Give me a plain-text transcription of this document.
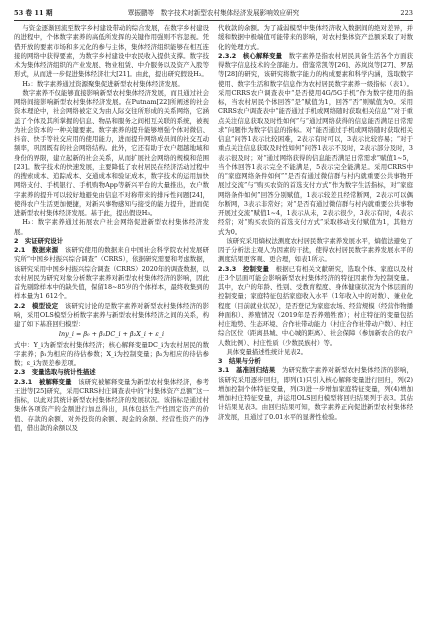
53 卷 11 期	覃振鹏等　数字技术对新型农村集体经济发展影响效应研究	223

与资金逐渐回流至数字乡村建设带动的综合发展，在数字乡村建设的进程中，个体数字素养的高低所发挥的关键作用强则不容忽视。凭借开放的要素市场和多元化的参与主体，集体经济组织能够在相互连接的网络中获得要素，为数字乡村建设中农民收入提供支撑。数字技术为集体经济组织的产业发展、物业租赁、中介服务以及资产入股等形式，从而进一步促进集体经济壮大[21]。由此，提出研究假设H₂。

H₂：数字素养通过资源聚集促进新型农村集体经济发展。

数字素养不仅能够直接影响新型农村集体经济发展，而且通过社会网络间接影响新型农村集体经济发展。在Putnam[22]所阐述的社会资本理论中，社会网络被定义为由人际交往所形成的关系网络，它涵盖了个体及其所掌握的信息、物品和服务之间相互关联的系统，被视为社会资本的一种关键要素。数字素养的提升能够增强个体对微信、抖音、快手等社交应用的使用能力，进而提升网络成员间的社交互动频率，巩固既有的社会网络结构。此外，它还有助于农户超越地域和身份的界限，建立起新的社会关系，从而扩展社会网络的规模和范围[23]。数字技术的快速发展，主要降低了农村居民在经济活动过程中的搜索成本、追踪成本、交通成本和验证成本，数字技术的运用加快网络支付、手机银行、手机购物App等新兴平台的大量推出，农户数字素养的提升可以较好地避免由信息不对称带来的排斥性问题[24]，使得农户生活更加便捷，对新兴事物感知与接受的能力提升，进而促进新型农村集体经济发展。基于此，提出假设H₃。

H₃：数字素养通过拓展农户社会网络促进新型农村集体经济发展。

2　实证研究设计

2.1　数据来源　 该研究使用的数据来自中国社会科学院农村发展研究所“中国乡村振兴综合调查”（CRRS），依据研究需要和考虑数据，该研究采用中国乡村振兴综合调查（CRRS）2020年的调查数据，以农村居民为研究对象分析数字素养对新型农村集体经济的影响，因此首先剔除样本中的缺失值，保留18~85岁的个体样本，最终收集到的样本量为1 612个。

2.2　模型设定　 该研究讨论的是数字素养对新型农村集体经济的影响，采用OLS模型分析数字素养与新型农村集体经济之间的关系，构建了如下基准回归模型：

lny_i = β₀ + β₁DC_i + β₂X_i + ε_i

式中：Y_i为新型农村集体经济；核心解释变量DC_i为农村居民的数字素养；β₁为相应的待估参数；X_i为控制变量；β₂为相应的待估参数；ε_i为误差参差项。

2.3　变量选取与统计性描述

2.3.1　被解释变量　 该研究被解释变量为新型农村集体经济，参考王进等[25]研究，采用CRRS村庄调查表中的“村集体资产总额”这一指标，以此对其统计新型农村集体经济的发展状况。该指标是通过村集体各项资产的金额进行加总得出，具体包括生产性固定资产的价值、存款的余额、对外投资的余额、现金的余额、经营性资产的净值，借出款的余额以及

代收款的余额。为了减弱模型中集体经济收入数据间的绝对差异，并缓和数据中极端值可能带来的影响，对农村集体资产总额采取了对数化的处理方式。

2.3.2　核心解释变量　 数字素养是指农村居民具备生活各个方面获得数字信息技术的全部能力。借鉴常凯等[26]、苏岚岚等[27]、罗磊等[28]的研究，该研究将数字能力的构成要素和科学内涵，选取数字使用、数字生活和数字信息作为农村居民数字素养一级指标（表1）。采用CRRS农户调查表中“是否使用4G/5G手机”作为数字使用的指标，当农村居民个体回答“是”赋值为1，回答“否”则赋值为0。采用CRRS农户调查表中“能否通过手机或网络随时获取相关信息”“对于重点关注信息获取及时性如何”与“通过网络获得的信息能否满足日常需求”问题作为数字信息的指标。对“能否通过手机或网络随时获取相关信息”问答1表示比较困难，2表示有时可以，3表示比较容易；“对于重点关注信息获取及时性如何”问答1表示不及时，2表示部分及时，3表示很及时；对“通过网络获得的信息能否满足日常需求”赋值1~5，当个体回答1表示完全不能满足，5表示完全能满足。采用CRRS中的“家庭网络条件如何”“是否有通过微信群与村内就重要公共事物开展过交流”与“购买农资的首选支付方式”作为数字生活指标，对“家庭网络条件如何”回答分别赋值，1表示较差且经常断网，2表示可以偶尔断网，3表示非常好；对“是否有通过微信群与村内就重要公共事物开展过交流”赋值1~4，1表示从未，2表示很少，3表示有时，4表示经常；对“购买农资的首选支付方式”采取移动支付赋值为1，其他方式为0。

该研究采用熵权法测度农村居民数字素养发展水平，熵值法避免了因子分析法主观人为因素的干扰，使得农村居民数字素养发展水平的测度结果更客观、更合理，如表1所示。

2.3.3　控制变量　 根据已有相关文献研究，选取个体、家庭以及村庄3个层面可能会影响新型农村集体经济的特征因素作为控制变量。其中，农户的年龄、性别、受教育程度、身体健康状况为个体层面的控制变量；家庭特征包括家庭收入水平（1年收入中的对数）、兼业化程度（目前就业状况），是否登记为家庭农场、经营规模（经营作物播种面积）、养殖情况（2019年是否养殖牲畜）；村庄特征的变量包括村庄地势、生态环境、合作社带动能力（村庄合作社带动户数）、村庄综合区位（距离县城、中心城的距离）、社会保障（参加新农合的农户人数比例）、村庄性质（少数民族村）等。

具体变量描述性统计见表2。

3　结果与分析

3.1　基准回归结果　 为研究数字素养对新型农村集体经济的影响，该研究采用逐步回归，即列(1)只引入核心解释变量进行回归，列(2)增加控制个体特征变量，列(3)进一步增加家庭特征变量，列(4)增加增加村庄特征变量，并运用OLS回归模型将回归结果列于表3。其估计结果见表3。由回归结果可知，数字素养正向促进新型农村集体经济发展，且通过了0.01水平的显著性检验。
